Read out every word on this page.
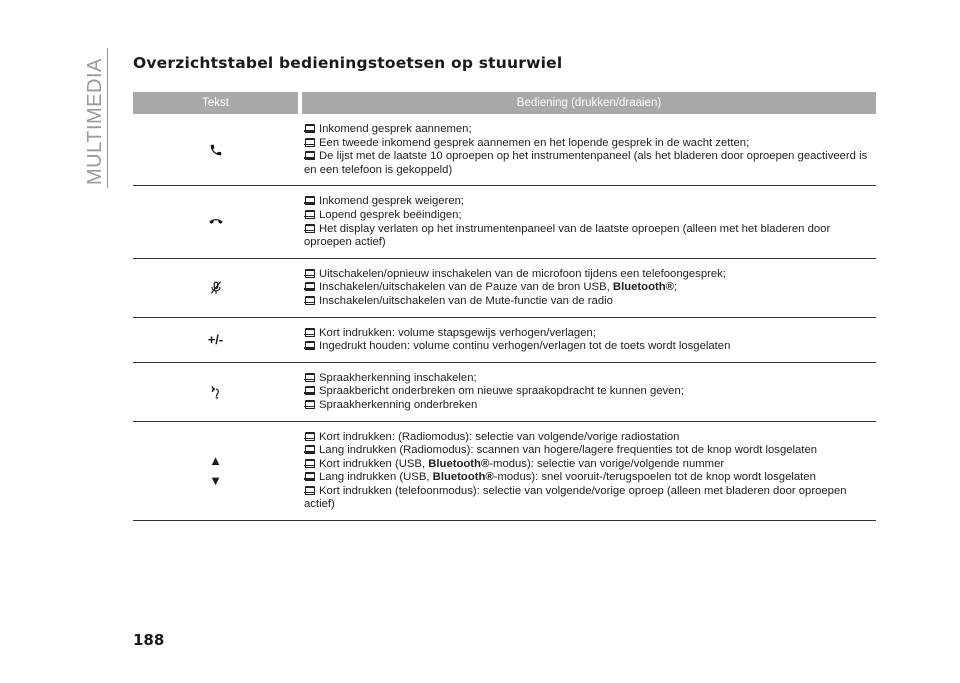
MULTIMEDIA Overzichtstabel bedieningstoetsen op stuurwiel
Tekst	Bediening (drukken/draaien)
Inkomend gesprek aannemen;
Een tweede inkomend gesprek aannemen en het lopende gesprek in de wacht zetten;
De lijst met de laatste 10 oproepen op het instrumentenpaneel (als het bladeren door oproepen geactiveerd is en een telefoon is gekoppeld)
Inkomend gesprek weigeren;
Lopend gesprek beëindigen;
Het display verlaten op het instrumentenpaneel van de laatste oproepen (alleen met het bladeren door oproepen actief)
Uitschakelen/opnieuw inschakelen van de microfoon tijdens een telefoongesprek;
Inschakelen/uitschakelen van de Pauze van de bron USB, Bluetooth®;
Inschakelen/uitschakelen van de Mute-functie van de radio
+/-	Kort indrukken: volume stapsgewijs verhogen/verlagen;
Ingedrukt houden: volume continu verhogen/verlagen tot de toets wordt losgelaten
Spraakherkenning inschakelen;
Spraakbericht onderbreken om nieuwe spraakopdracht te kunnen geven;
Spraakherkenning onderbreken
▲
▼
Kort indrukken: (Radiomodus): selectie van volgende/vorige radiostation
Lang indrukken (Radiomodus): scannen van hogere/lagere frequenties tot de knop wordt losgelaten
Kort indrukken (USB, Bluetooth®-modus): selectie van vorige/volgende nummer
Lang indrukken (USB, Bluetooth®-modus): snel vooruit-/terugspoelen tot de knop wordt losgelaten
Kort indrukken (telefoonmodus): selectie van volgende/vorige oproep (alleen met bladeren door oproepen actief)
188
